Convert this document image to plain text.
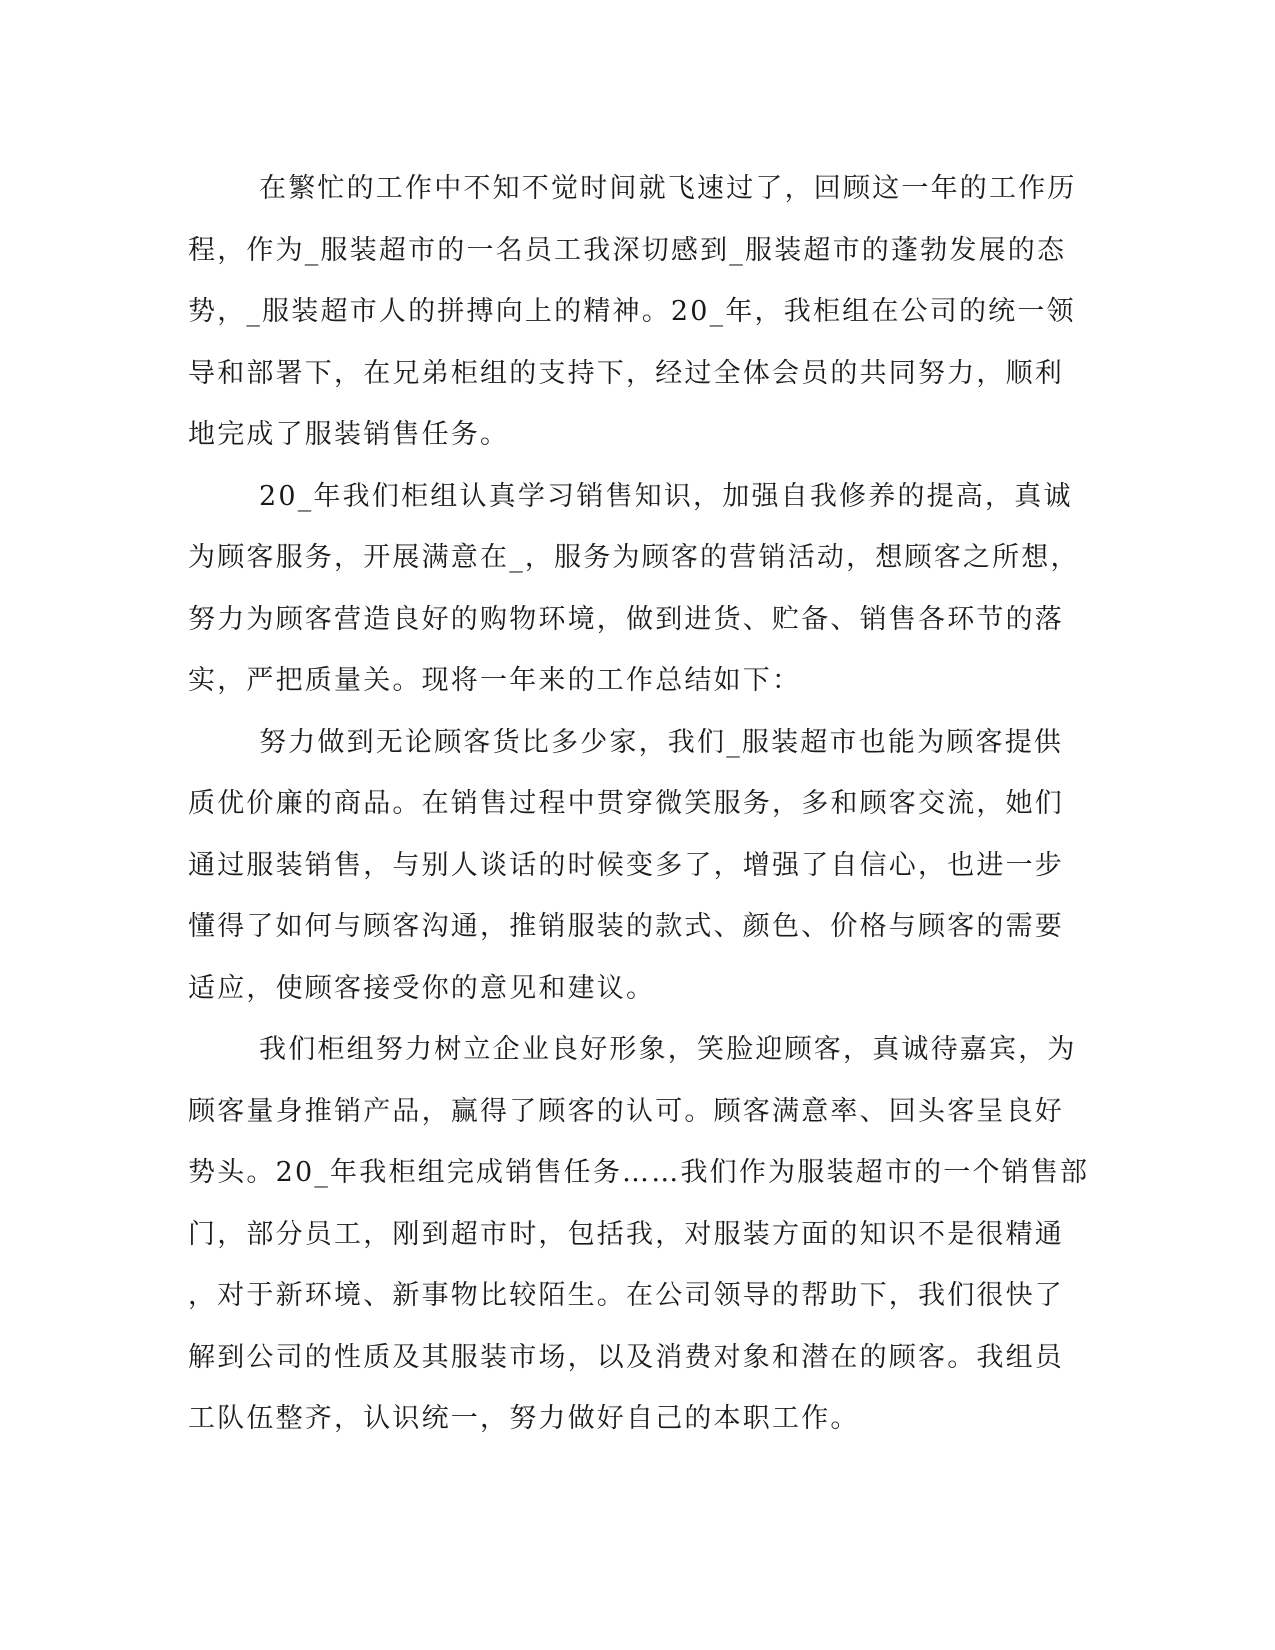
在繁忙的工作中不知不觉时间就飞速过了，回顾这一年的工作历
程，作为_服装超市的一名员工我深切感到_服装超市的蓬勃发展的态
势，_服装超市人的拼搏向上的精神。20_年，我柜组在公司的统一领
导和部署下，在兄弟柜组的支持下，经过全体会员的共同努力，顺利
地完成了服装销售任务。

20_年我们柜组认真学习销售知识，加强自我修养的提高，真诚
为顾客服务，开展满意在_，服务为顾客的营销活动，想顾客之所想，
努力为顾客营造良好的购物环境，做到进货、贮备、销售各环节的落
实，严把质量关。现将一年来的工作总结如下：

努力做到无论顾客货比多少家，我们_服装超市也能为顾客提供
质优价廉的商品。在销售过程中贯穿微笑服务，多和顾客交流，她们
通过服装销售，与别人谈话的时候变多了，增强了自信心，也进一步
懂得了如何与顾客沟通，推销服装的款式、颜色、价格与顾客的需要
适应，使顾客接受你的意见和建议。

我们柜组努力树立企业良好形象，笑脸迎顾客，真诚待嘉宾，为
顾客量身推销产品，赢得了顾客的认可。顾客满意率、回头客呈良好
势头。20_年我柜组完成销售任务……我们作为服装超市的一个销售部
门，部分员工，刚到超市时，包括我，对服装方面的知识不是很精通
，对于新环境、新事物比较陌生。在公司领导的帮助下，我们很快了
解到公司的性质及其服装市场，以及消费对象和潜在的顾客。我组员
工队伍整齐，认识统一，努力做好自己的本职工作。
